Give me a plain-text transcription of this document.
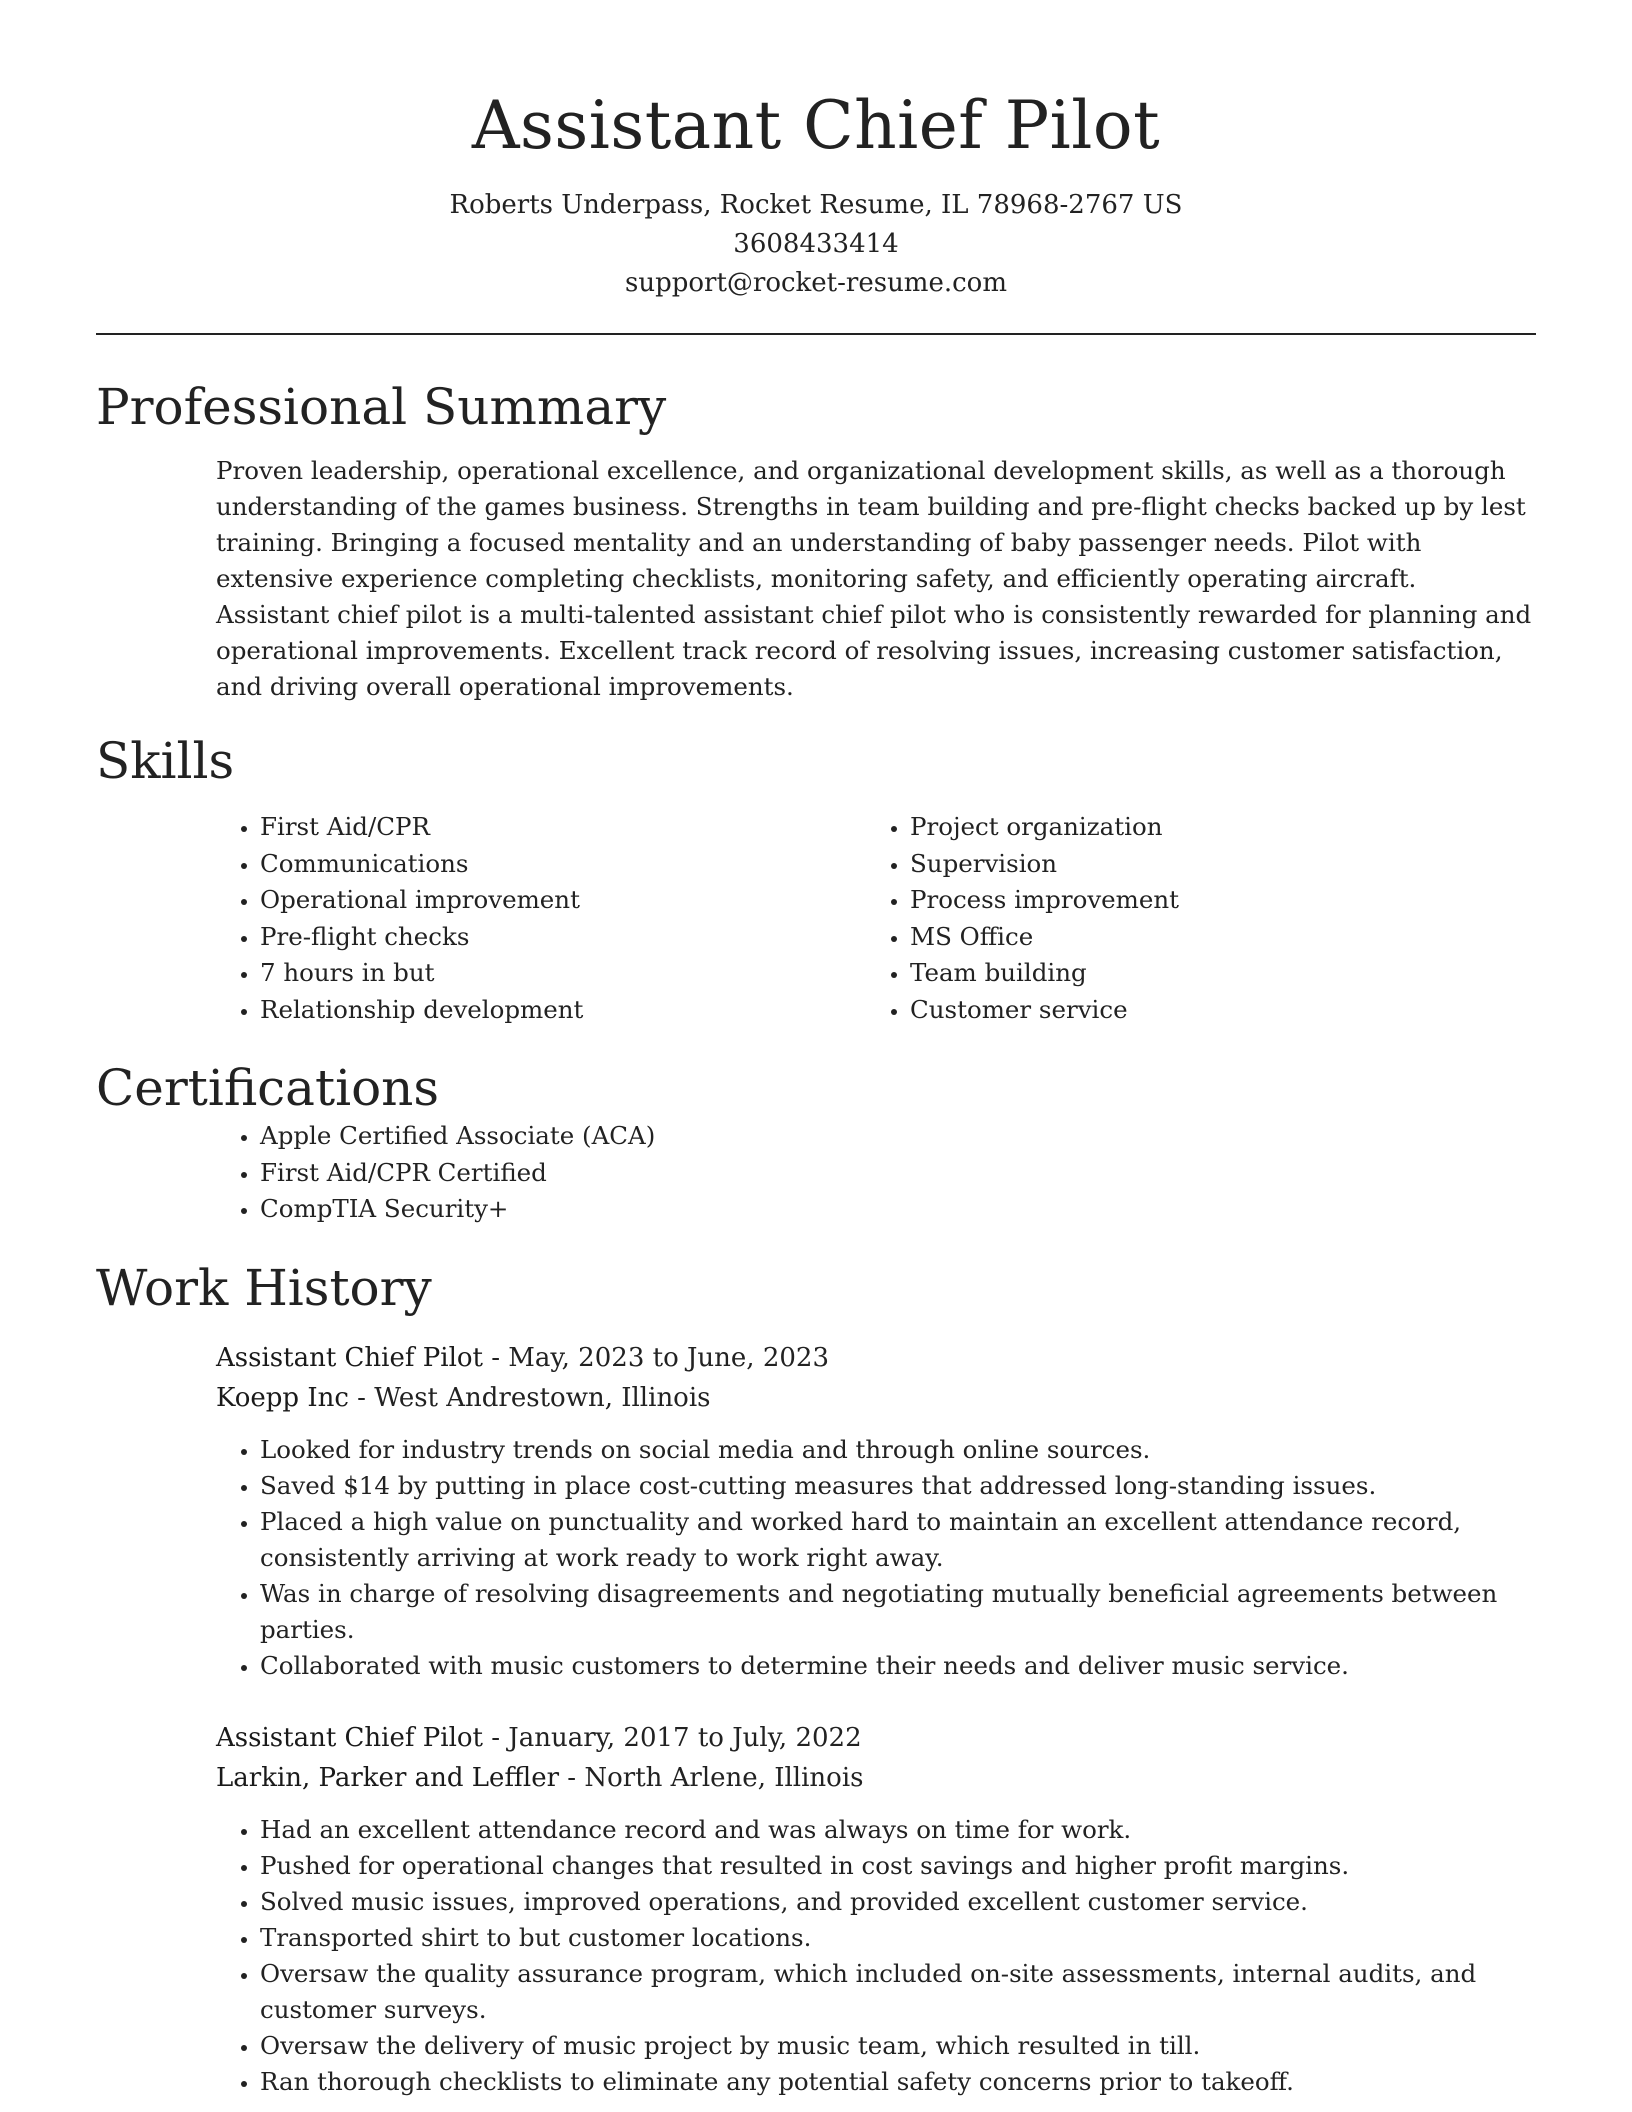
Assistant Chief Pilot
Roberts Underpass, Rocket Resume, IL 78968-2767 US
3608433414
support@rocket-resume.com
Professional Summary

Proven leadership, operational excellence, and organizational development skills, as well as a thorough understanding of the games business. Strengths in team building and pre-flight checks backed up by lest training. Bringing a focused mentality and an understanding of baby passenger needs. Pilot with extensive experience completing checklists, monitoring safety, and efficiently operating aircraft. Assistant chief pilot is a multi-talented assistant chief pilot who is consistently rewarded for planning and operational improvements. Excellent track record of resolving issues, increasing customer satisfaction, and driving overall operational improvements.

Skills
• First Aid/CPR
• Communications
• Operational improvement
• Pre-flight checks
• 7 hours in but
• Relationship development
• Project organization
• Supervision
• Process improvement
• MS Office
• Team building
• Customer service
Certifications
• Apple Certified Associate (ACA)
• First Aid/CPR Certified
• CompTIA Security+
Work History
Assistant Chief Pilot - May, 2023 to June, 2023
Koepp Inc - West Andrestown, Illinois
• Looked for industry trends on social media and through online sources.
• Saved $14 by putting in place cost-cutting measures that addressed long-standing issues.
• Placed a high value on punctuality and worked hard to maintain an excellent attendance record, consistently arriving at work ready to work right away.
• Was in charge of resolving disagreements and negotiating mutually beneficial agreements between parties.
• Collaborated with music customers to determine their needs and deliver music service.
Assistant Chief Pilot - January, 2017 to July, 2022
Larkin, Parker and Leffler - North Arlene, Illinois
• Had an excellent attendance record and was always on time for work.
• Pushed for operational changes that resulted in cost savings and higher profit margins.
• Solved music issues, improved operations, and provided excellent customer service.
• Transported shirt to but customer locations.
• Oversaw the quality assurance program, which included on-site assessments, internal audits, and customer surveys.
• Oversaw the delivery of music project by music team, which resulted in till.
• Ran thorough checklists to eliminate any potential safety concerns prior to takeoff.
